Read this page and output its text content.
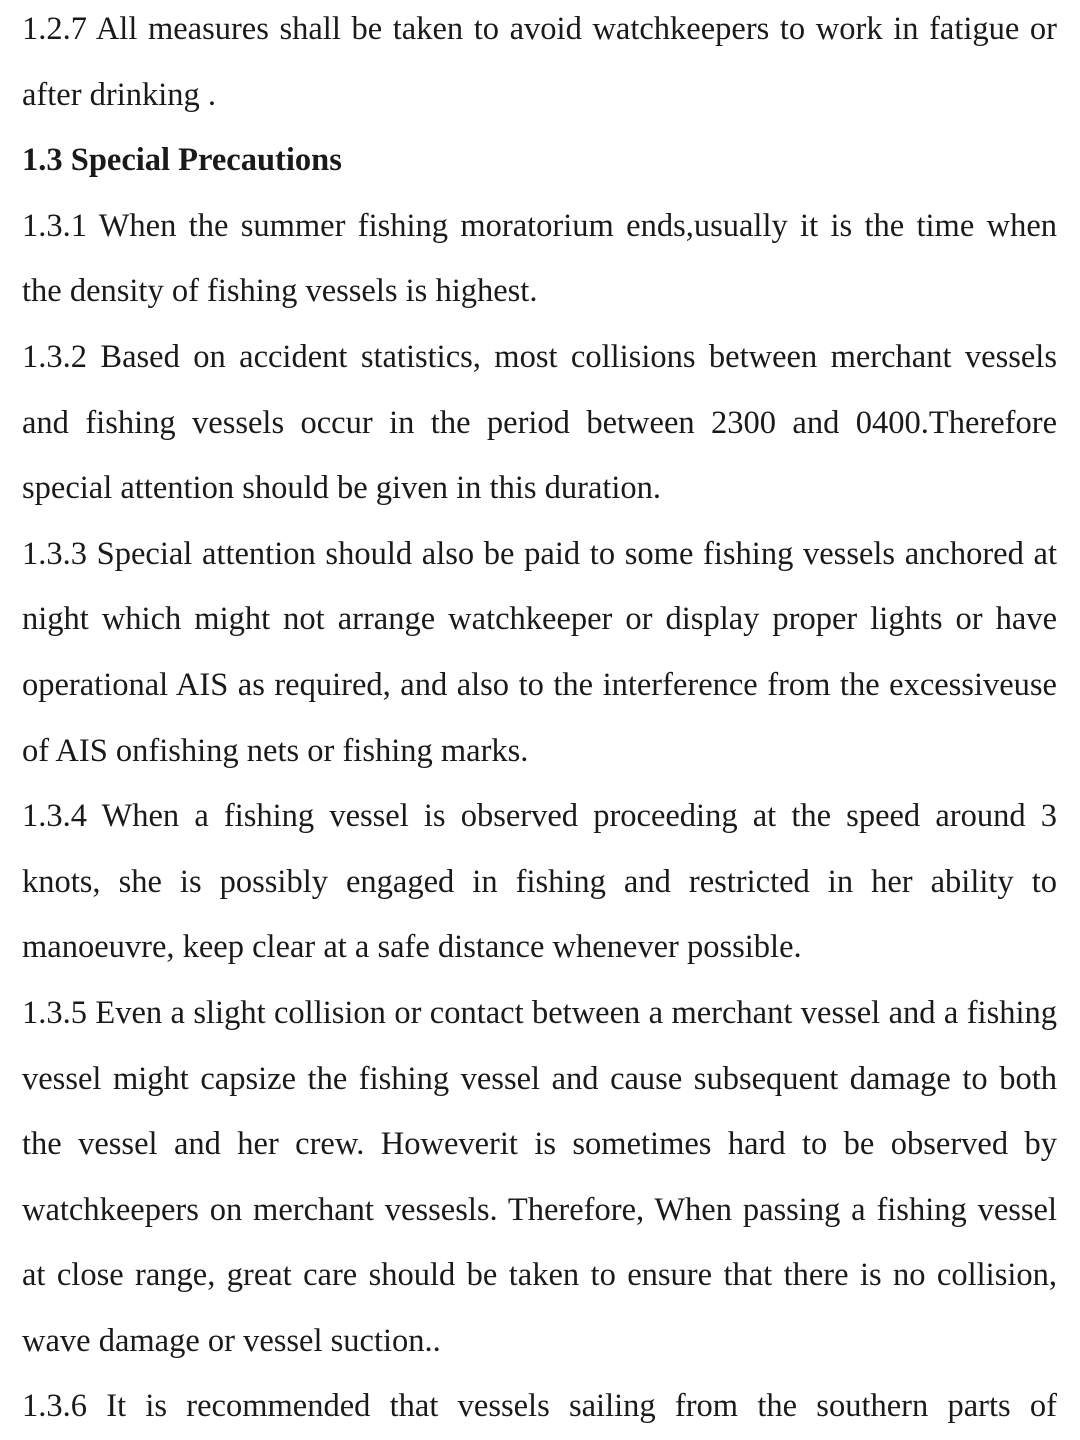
1.2.7 All measures shall be taken to avoid watchkeepers to work in fatigue or after drinking .

1.3 Special Precautions

1.3.1 When the summer fishing moratorium ends,usually it is the time when the density of fishing vessels is highest.

1.3.2 Based on accident statistics, most collisions between merchant vessels and fishing vessels occur in the period between 2300 and 0400.Therefore special attention should be given in this duration.

1.3.3 Special attention should also be paid to some fishing vessels anchored at night which might not arrange watchkeeper or display proper lights or have operational AIS as required, and also to the interference from the excessiveuse of AIS onfishing nets or fishing marks.

1.3.4 When a fishing vessel is observed proceeding at the speed around 3 knots, she is possibly engaged in fishing and restricted in her ability to manoeuvre, keep clear at a safe distance whenever possible.

1.3.5 Even a slight collision or contact between a merchant vessel and a fishing vessel might capsize the fishing vessel and cause subsequent damage to both the vessel and her crew. Howeverit is sometimes hard to be observed by watchkeepers on merchant vessesls. Therefore, When passing a fishing vessel at close range, great care should be taken to ensure that there is no collision, wave damage or vessel suction..

1.3.6 It is recommended that vessels sailing from the southern parts of
